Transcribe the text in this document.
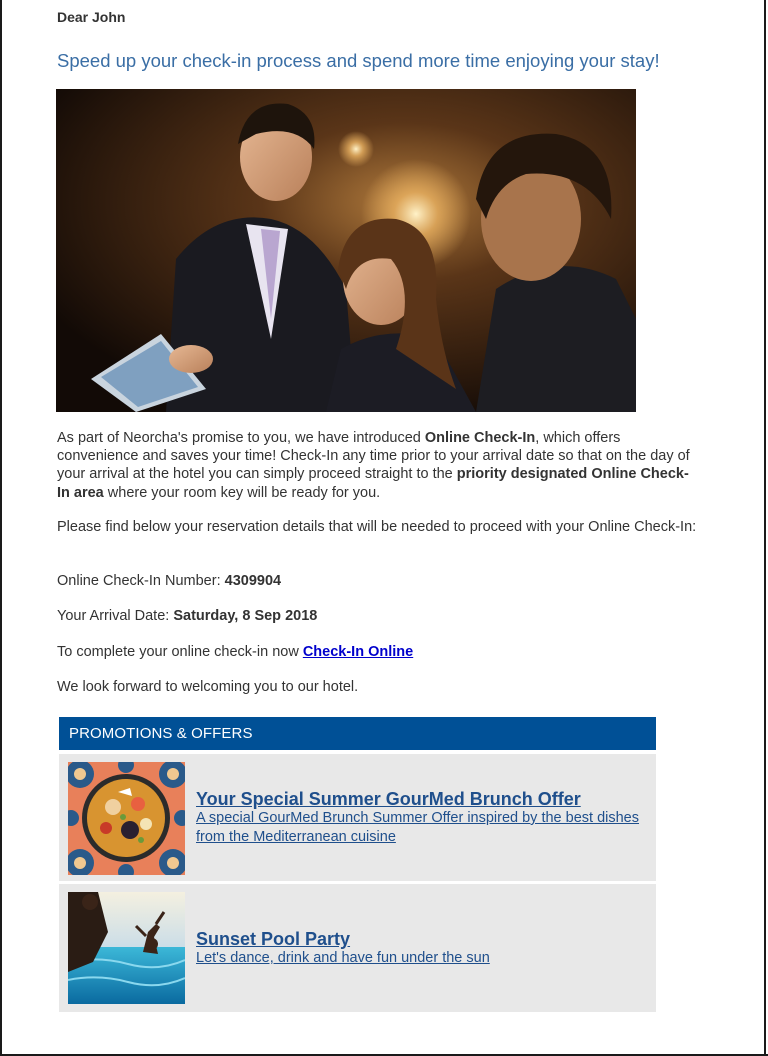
Dear John
Speed up your check-in process and spend more time enjoying your stay!
As part of Neorcha's promise to you, we have introduced Online Check-In, which offers convenience and saves your time! Check-In any time prior to your arrival date so that on the day of your arrival at the hotel you can simply proceed straight to the priority designated Online Check-In area where your room key will be ready for you.
Please find below your reservation details that will be needed to proceed with your Online Check-In:
Online Check-In Number: 4309904
Your Arrival Date: Saturday, 8 Sep 2018
To complete your online check-in now Check-In Online
We look forward to welcoming you to our hotel.
PROMOTIONS & OFFERS
Your Special Summer GourMed Brunch Offer
A special GourMed Brunch Summer Offer inspired by the best dishes from the Mediterranean cuisine
Sunset Pool Party
Let's dance, drink and have fun under the sun
